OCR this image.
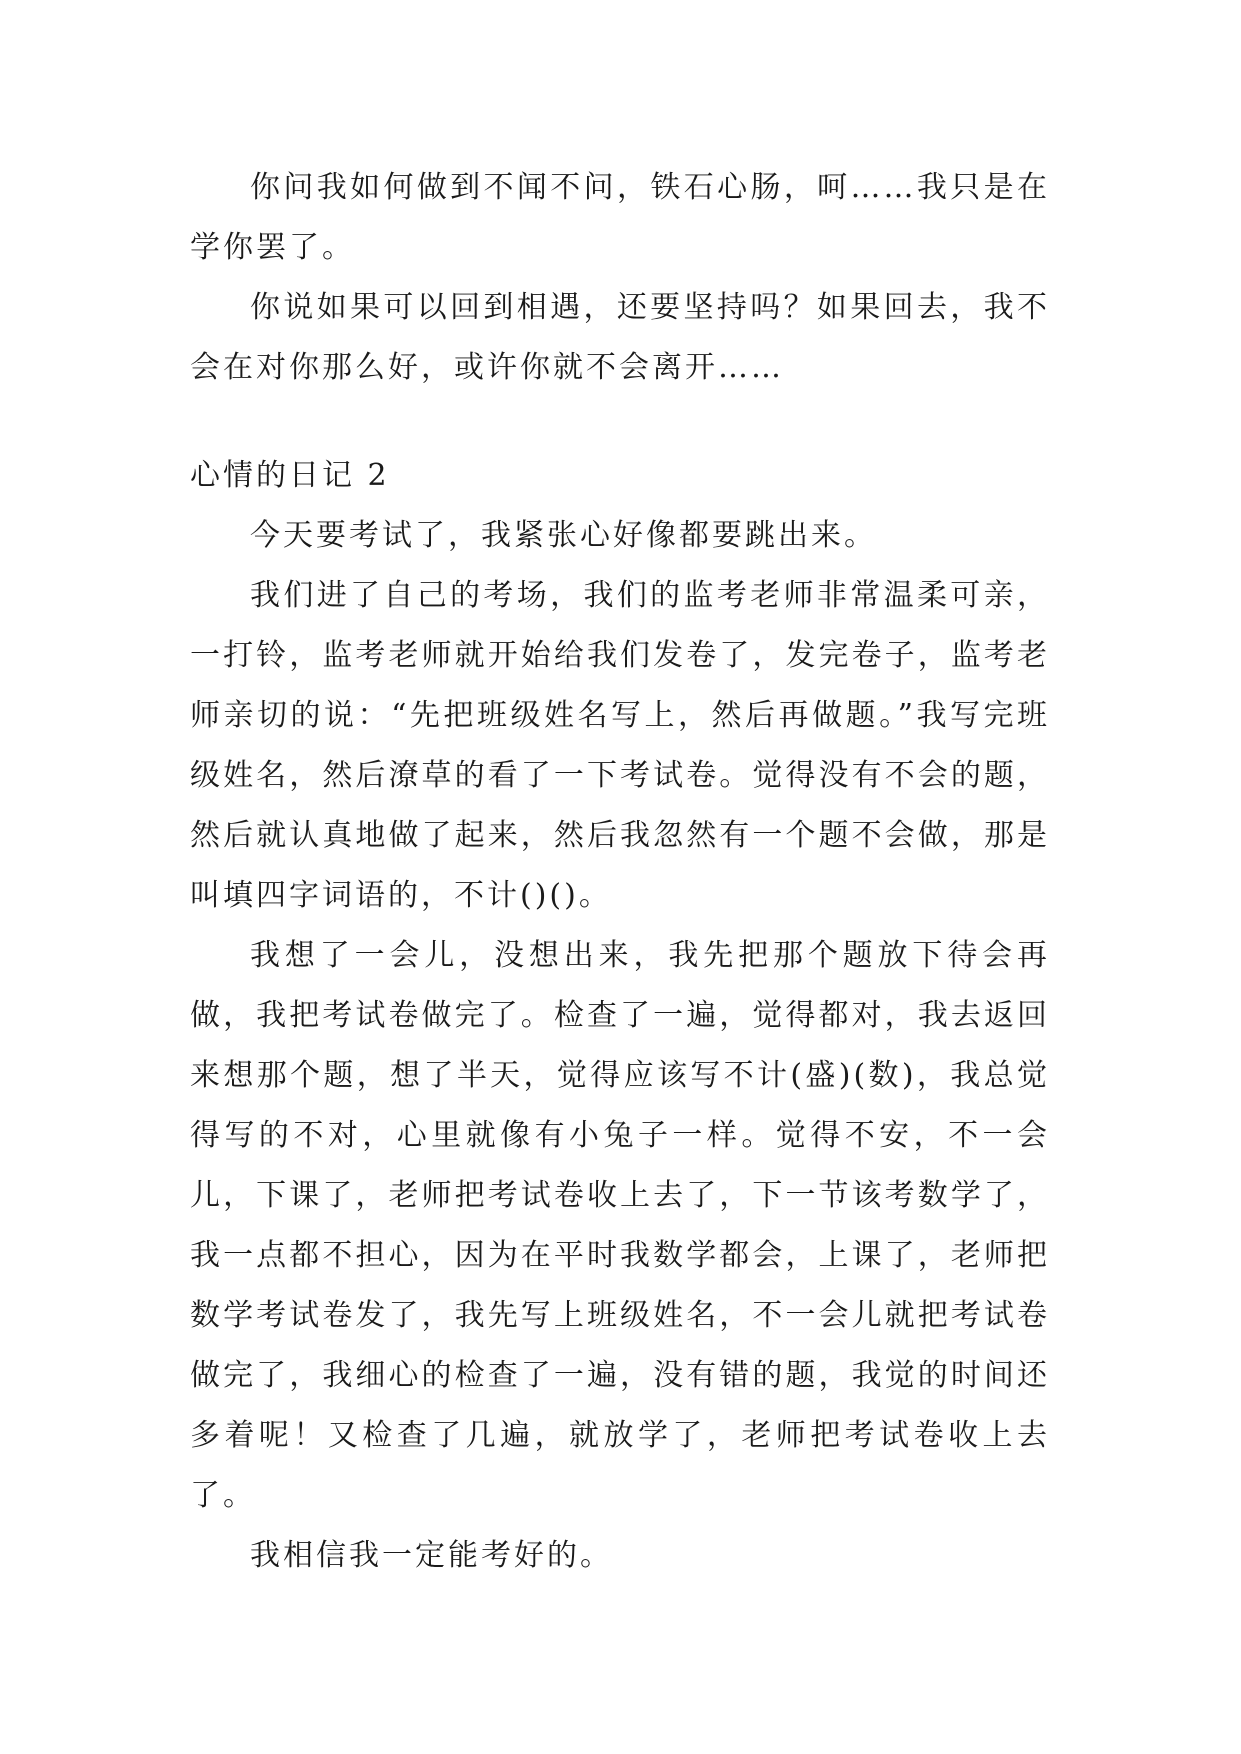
你问我如何做到不闻不问，铁石心肠，呵……我只是在学你罢了。

你说如果可以回到相遇，还要坚持吗？如果回去，我不会在对你那么好，或许你就不会离开……

心情的日记 2

今天要考试了，我紧张心好像都要跳出来。

我们进了自己的考场，我们的监考老师非常温柔可亲，一打铃，监考老师就开始给我们发卷了，发完卷子，监考老师亲切的说：“先把班级姓名写上，然后再做题。”我写完班级姓名，然后潦草的看了一下考试卷。觉得没有不会的题，然后就认真地做了起来，然后我忽然有一个题不会做，那是叫填四字词语的，不计()()。

我想了一会儿，没想出来，我先把那个题放下待会再做，我把考试卷做完了。检查了一遍，觉得都对，我去返回来想那个题，想了半天，觉得应该写不计(盛)(数)，我总觉得写的不对，心里就像有小兔子一样。觉得不安，不一会儿，下课了，老师把考试卷收上去了，下一节该考数学了，我一点都不担心，因为在平时我数学都会，上课了，老师把数学考试卷发了，我先写上班级姓名，不一会儿就把考试卷做完了，我细心的检查了一遍，没有错的题，我觉的时间还多着呢！又检查了几遍，就放学了，老师把考试卷收上去了。

我相信我一定能考好的。
